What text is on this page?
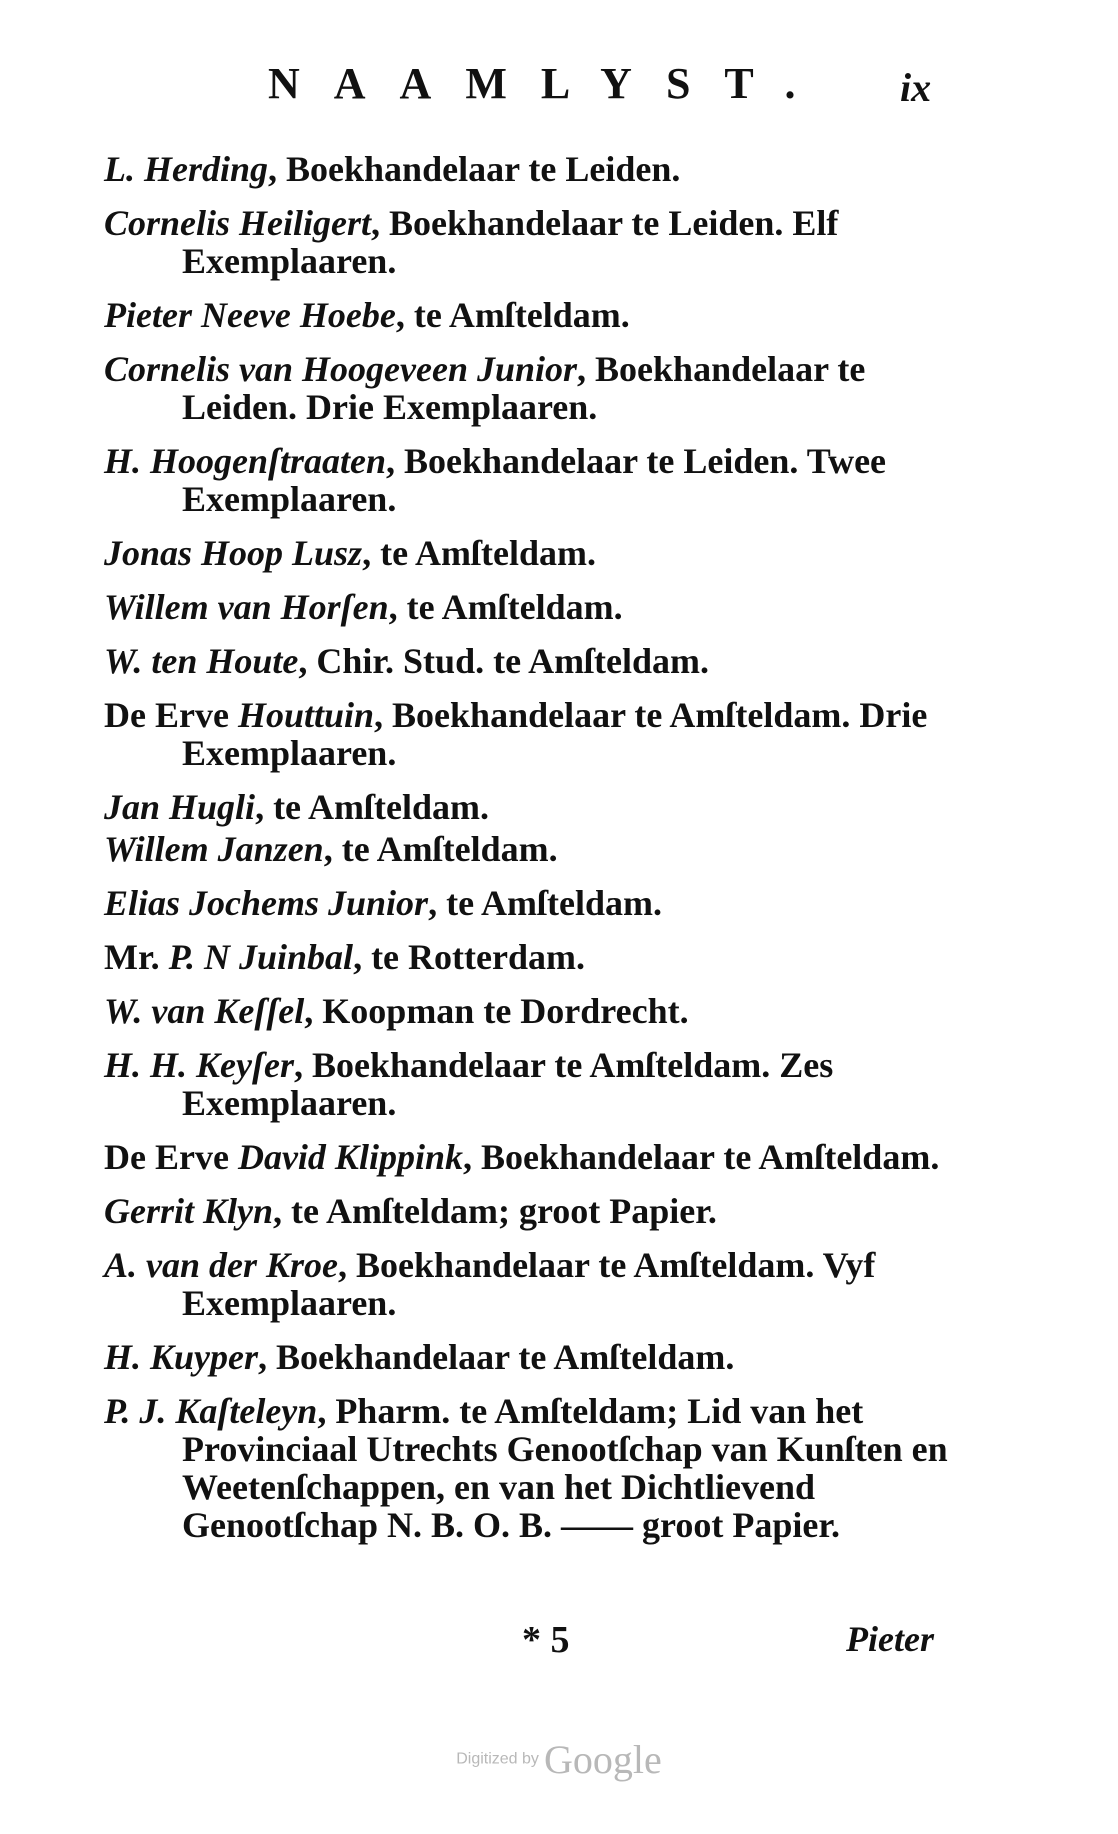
NAAMLYST. ix
L. Herding, Boekhandelaar te Leiden.
Cornelis Heiligert, Boekhandelaar te Leiden. Elf Exemplaaren.
Pieter Neeve Hoebe, te Amſteldam.
Cornelis van Hoogeveen Junior, Boekhandelaar te Leiden. Drie Exemplaaren.
H. Hoogenſtraaten, Boekhandelaar te Leiden. Twee Exemplaaren.
Jonas Hoop Lusz, te Amſteldam.
Willem van Horſen, te Amſteldam.
W. ten Houte, Chir. Stud. te Amſteldam.
De Erve Houttuin, Boekhandelaar te Amſteldam. Drie Exemplaaren.
Jan Hugli, te Amſteldam.
Willem Janzen, te Amſteldam.
Elias Jochems Junior, te Amſteldam.
Mr. P. N Juinbal, te Rotterdam.
W. van Keſſel, Koopman te Dordrecht.
H. H. Keyſer, Boekhandelaar te Amſteldam. Zes Exemplaaren.
De Erve David Klippink, Boekhandelaar te Amſteldam.
Gerrit Klyn, te Amſteldam; groot Papier.
A. van der Kroe, Boekhandelaar te Amſteldam. Vyf Exemplaaren.
H. Kuyper, Boekhandelaar te Amſteldam.
P. J. Kaſteleyn, Pharm. te Amſteldam; Lid van het Provinciaal Utrechts Genootſchap van Kunſten en Weetenſchappen, en van het Dichtlievend Genootſchap N. B. O. B. —— groot Papier.
* 5	Pieter
Digitized by Google
